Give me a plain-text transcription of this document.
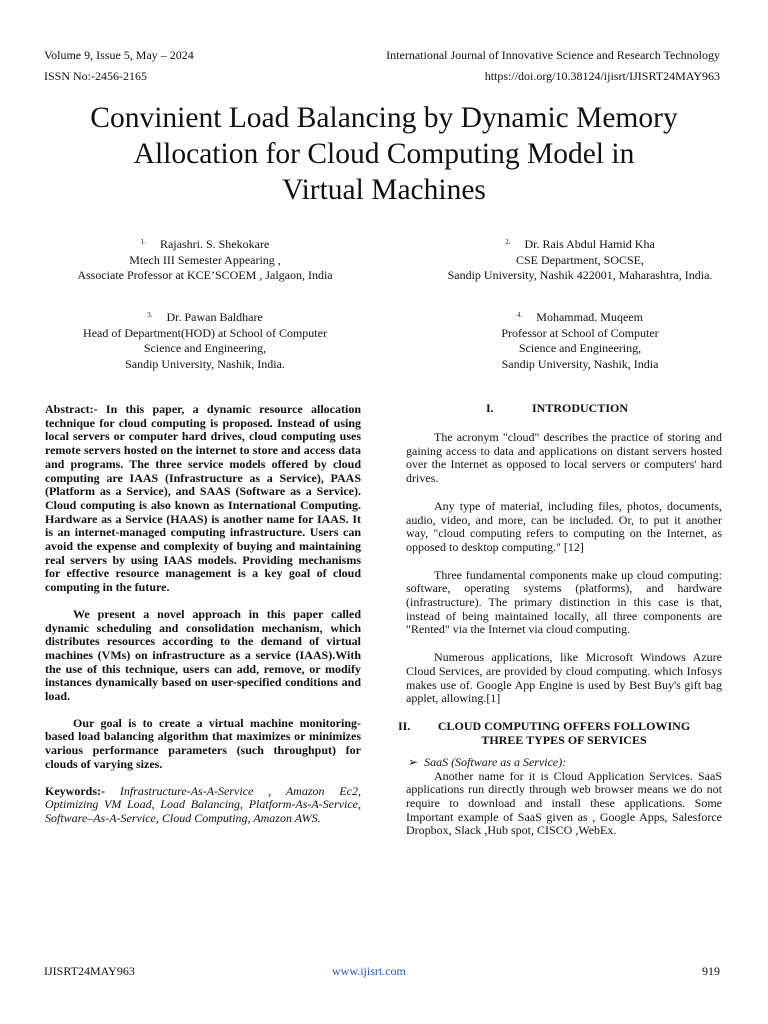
Volume 9, Issue 5, May – 2024
ISSN No:-2456-2165
International Journal of Innovative Science and Research Technology
https://doi.org/10.38124/ijisrt/IJISRT24MAY963
Convinient Load Balancing by Dynamic Memory
Allocation for Cloud Computing Model in
Virtual Machines
$^{1.}$ Rajashri. S. Shekokare
Mtech III Semester Appearing ,
Associate Professor at KCE’SCOEM , Jalgaon, India
$^{2.}$ Dr. Rais Abdul Hamid Kha
CSE Department, SOCSE,
Sandip University, Nashik 422001, Maharashtra, India.
$^{3.}$ Dr. Pawan Baldhare
Head of Department(HOD) at School of Computer
Science and Engineering,
Sandip University, Nashik, India.
$^{4.}$ Mohammad. Muqeem
Professor at School of Computer
Science and Engineering,
Sandip University, Nashik, India

Abstract:- In this paper, a dynamic resource allocation technique for cloud computing is proposed. Instead of using local servers or computer hard drives, cloud computing uses remote servers hosted on the internet to store and access data and programs. The three service models offered by cloud computing are IAAS (Infrastructure as a Service), PAAS (Platform as a Service), and SAAS (Software as a Service). Cloud computing is also known as International Computing. Hardware as a Service (HAAS) is another name for IAAS. It is an internet-managed computing infrastructure. Users can avoid the expense and complexity of buying and maintaining real servers by using IAAS models. Providing mechanisms for effective resource management is a key goal of cloud computing in the future.

We present a novel approach in this paper called dynamic scheduling and consolidation mechanism, which distributes resources according to the demand of virtual machines (VMs) on infrastructure as a service (IAAS).With the use of this technique, users can add, remove, or modify instances dynamically based on user-specified conditions and load.

Our goal is to create a virtual machine monitoring-based load balancing algorithm that maximizes or minimizes various performance parameters (such throughput) for clouds of varying sizes.

Keywords:- Infrastructure-As-A-Service , Amazon Ec2, Optimizing VM Load, Load Balancing, Platform-As-A-Service, Software–As-A-Service, Cloud Computing, Amazon AWS.

I.	INTRODUCTION

The acronym "cloud" describes the practice of storing and gaining access to data and applications on distant servers hosted over the Internet as opposed to local servers or computers' hard drives.

Any type of material, including files, photos, documents, audio, video, and more, can be included. Or, to put it another way, "cloud computing refers to computing on the Internet, as opposed to desktop computing." [12]

Three fundamental components make up cloud computing: software, operating systems (platforms), and hardware (infrastructure). The primary distinction in this case is that, instead of being maintained locally, all three components are "Rented" via the Internet via cloud computing.

Numerous applications, like Microsoft Windows Azure Cloud Services, are provided by cloud computing. which Infosys makes use of. Google App Engine is used by Best Buy's gift bag applet, allowing.[1]

II.	CLOUD COMPUTING OFFERS FOLLOWING
THREE TYPES OF SERVICES

➢ SaaS (Software as a Service):

Another name for it is Cloud Application Services. SaaS applications run directly through web browser means we do not require to download and install these applications. Some Important example of SaaS given as , Google Apps, Salesforce Dropbox, Slack ,Hub spot, CISCO ,WebEx.

IJISRT24MAY963	www.ijisrt.com	919
